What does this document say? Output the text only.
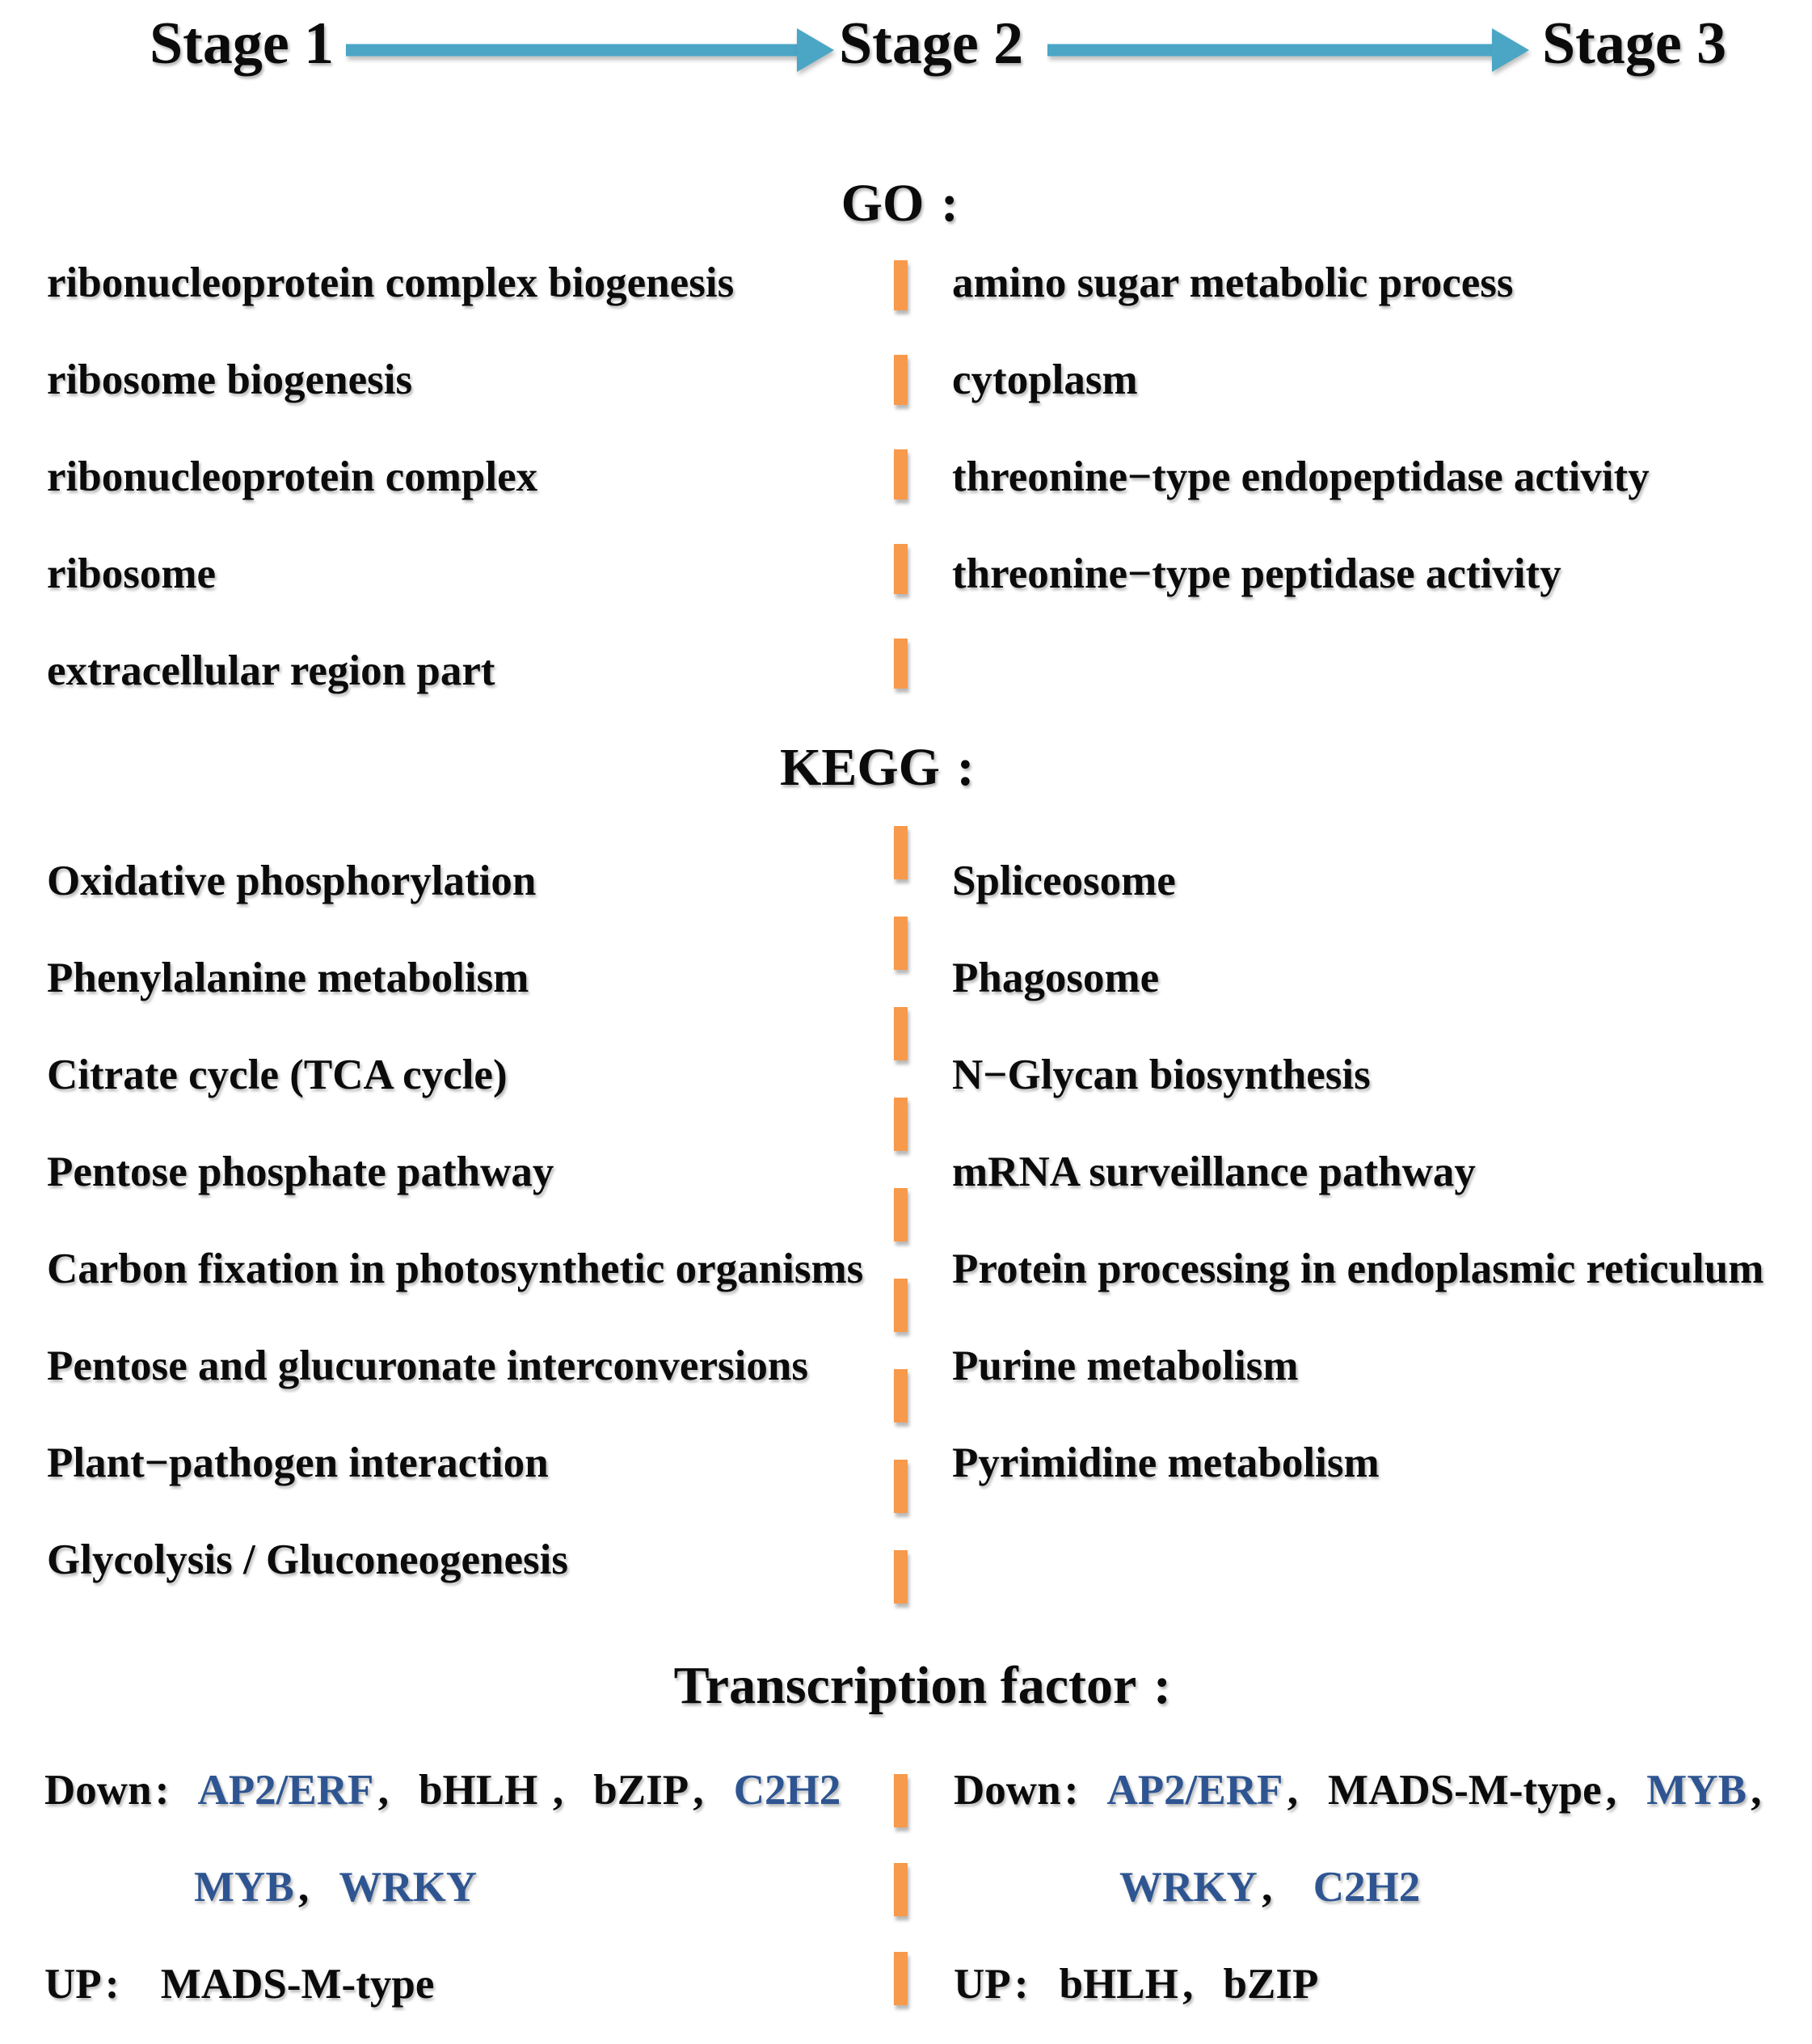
Stage 1	Stage 2	Stage 3
GO :
ribonucleoprotein complex biogenesis
ribosome biogenesis
ribonucleoprotein complex
ribosome
extracellular region part
amino sugar metabolic process
cytoplasm
threonine−type endopeptidase activity
threonine−type peptidase activity
KEGG :
Oxidative phosphorylation
Phenylalanine metabolism
Citrate cycle (TCA cycle)
Pentose phosphate pathway
Carbon fixation in photosynthetic organisms
Pentose and glucuronate interconversions
Plant−pathogen interaction
Glycolysis / Gluconeogenesis
Spliceosome
Phagosome
N−Glycan biosynthesis
mRNA surveillance pathway
Protein processing in endoplasmic reticulum
Purine metabolism
Pyrimidine metabolism
Transcription factor :
Down: AP2/ERF , bHLH , bZIP , C2H2
MYB , WRKY
UP: MADS-M-type
Down: AP2/ERF , MADS-M-type , MYB ,
WRKY , C2H2
UP: bHLH , bZIP
